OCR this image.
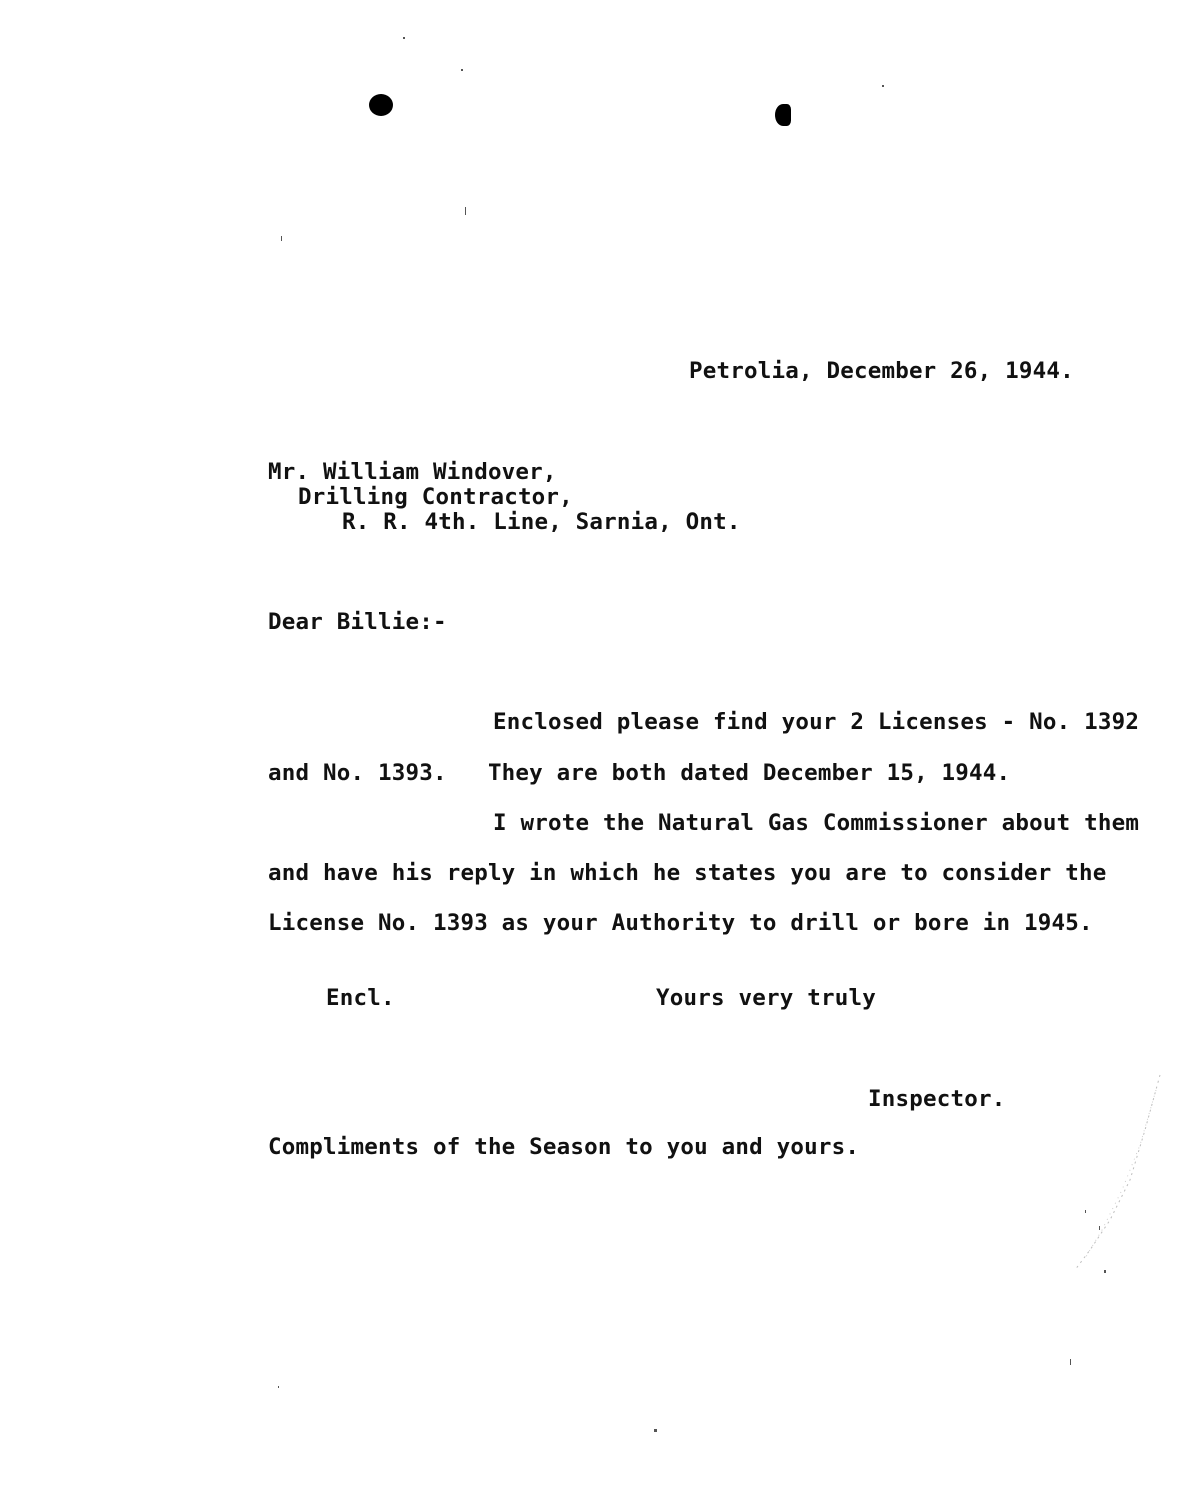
Petrolia, December 26, 1944.

Mr. William Windover,

Drilling Contractor,

R. R. 4th. Line, Sarnia, Ont.

Dear Billie:-

Enclosed please find your 2 Licenses - No. 1392

and No. 1393.   They are both dated December 15, 1944.

I wrote the Natural Gas Commissioner about them

and have his reply in which he states you are to consider the

License No. 1393 as your Authority to drill or bore in 1945.

Encl.	Yours very truly

Inspector.

Compliments of the Season to you and yours.
